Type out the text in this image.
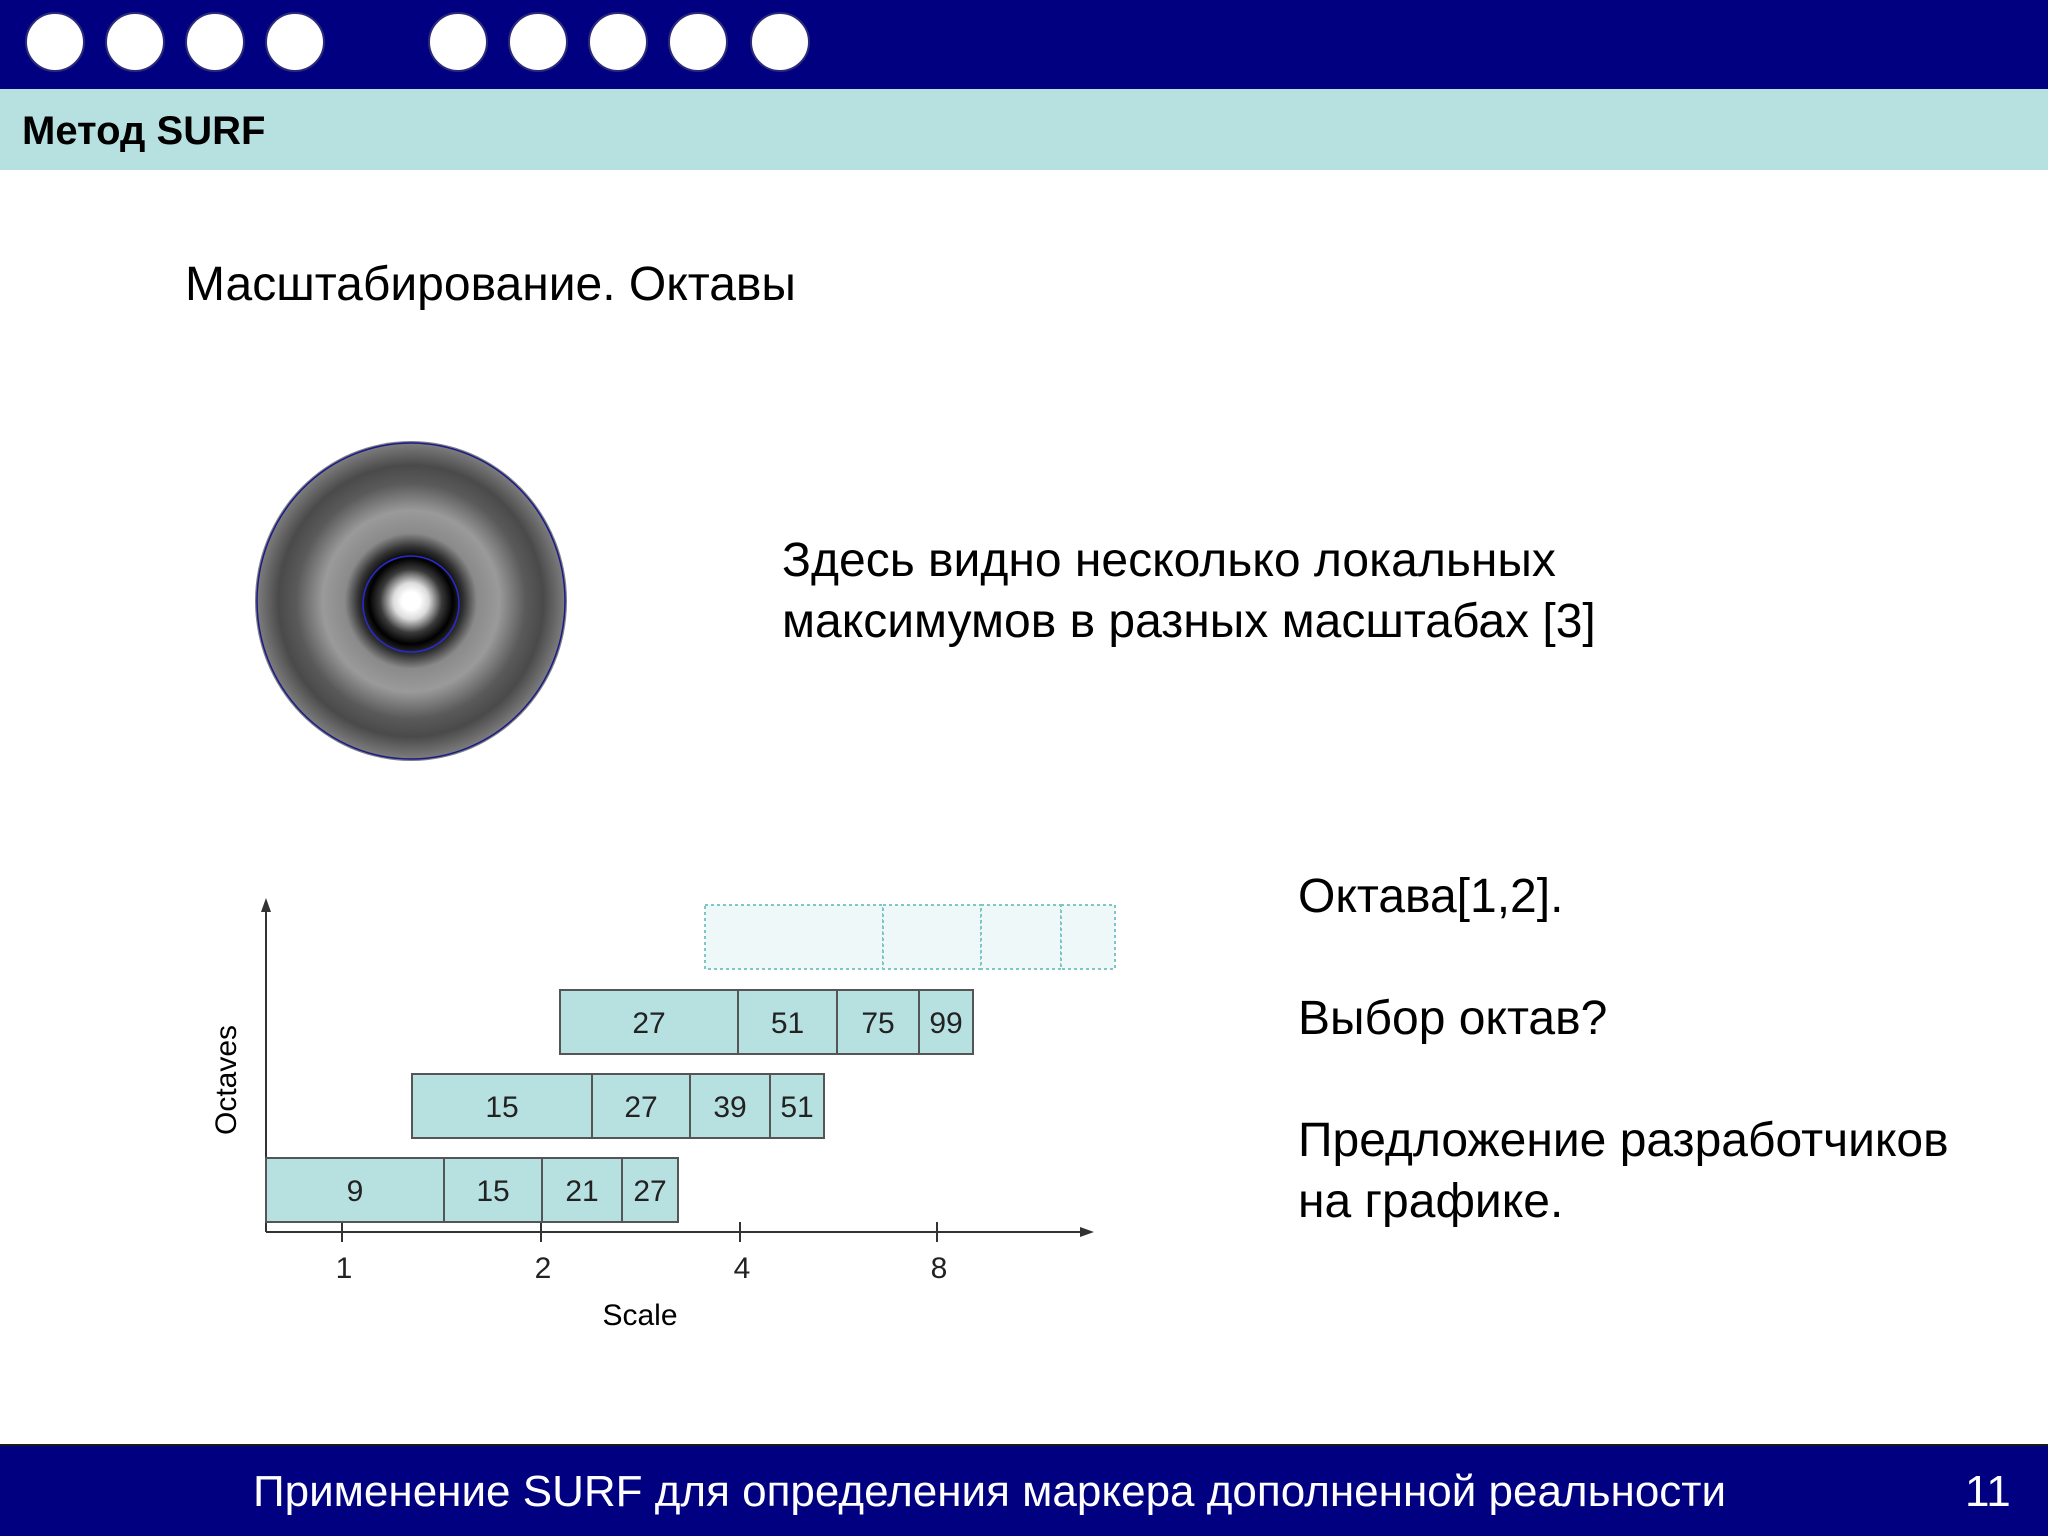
Метод SURF
Масштабирование. Октавы
Здесь видно несколько локальных
максимумов в разных масштабах [3]
1	2	4	8
9	15 21 27
15	27 39 51
27	51 75 99
Scale
Octaves
Октава[1,2].
Выбор октав?
Предложение разработчиков
на графике.
Применение SURF для определения маркера дополненной реальности	11
